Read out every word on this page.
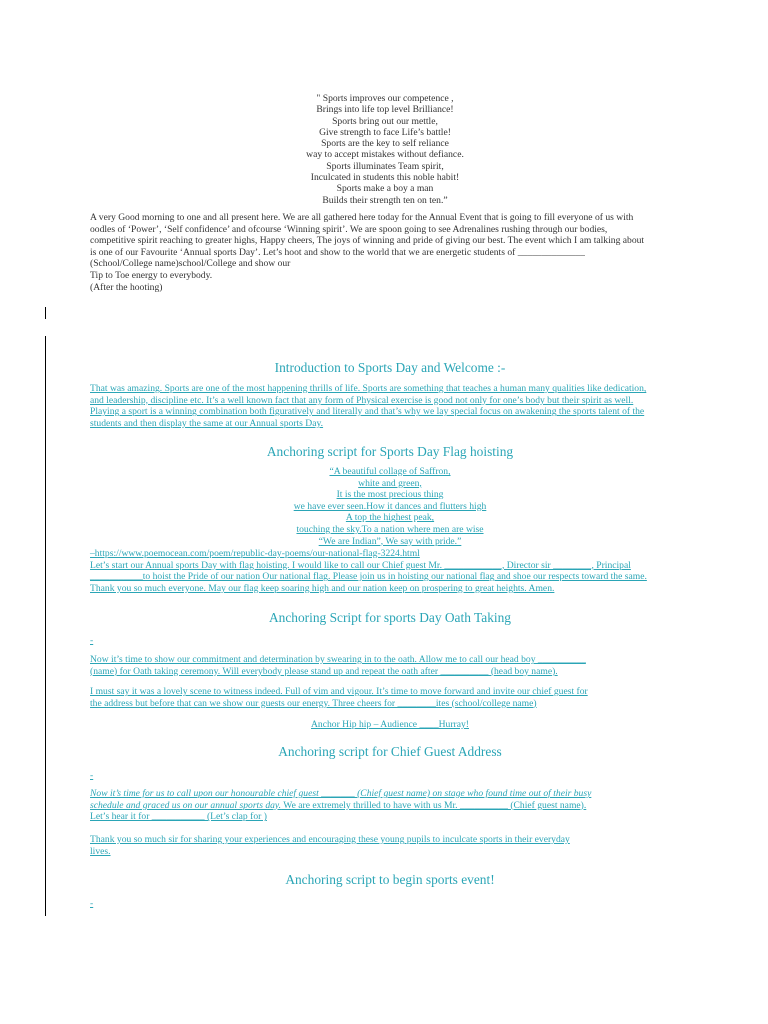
" Sports improves our competence ,
Brings into life top level Brilliance!
Sports bring out our mettle,
Give strength to face Life’s battle!
Sports are the key to self reliance
way to accept mistakes without defiance.
Sports illuminates Team spirit,
Inculcated in students this noble habit!
Sports make a boy a man
Builds their strength ten on ten.”
A very Good morning to one and all present here. We are all gathered here today for the Annual Event that is going to fill everyone of us with
oodles of ‘Power’, ‘Self confidence’ and ofcourse ‘Winning spirit’. We are spoon going to see Adrenalines rushing through our bodies,
competitive spirit reaching to greater highs, Happy cheers, The joys of winning and pride of giving our best. The event which I am talking about
is one of our Favourite ‘Annual sports Day’. Let’s hoot and show to the world that we are energetic students of ______________
(School/College name)school/College and show our
Tip to Toe energy to everybody.
(After the hooting)
Introduction to Sports Day and Welcome :-
That was amazing. Sports are one of the most happening thrills of life. Sports are something that teaches a human many qualities like dedication,
and leadership, discipline etc. It’s a well known fact that any form of Physical exercise is good not only for one’s body but their spirit as well.
Playing a sport is a winning combination both figuratively and literally and that’s why we lay special focus on awakening the sports talent of the
students and then display the same at our Annual sports Day.
Anchoring script for Sports Day Flag hoisting
“A beautiful collage of Saffron,
white and green,
It is the most precious thing
we have ever seen.How it dances and flutters high
A top the highest peak,
touching the sky.To a nation where men are wise
“We are Indian”, We say with pride.”
–https://www.poemocean.com/poem/republic-day-poems/our-national-flag-3224.html
Let’s start our Annual sports Day with flag hoisting. I would like to call our Chief guest Mr. ____________, Director sir ________, Principal
___________to hoist the Pride of our nation Our national flag. Please join us in hoisting our national flag and shoe our respects toward the same.
Thank you so much everyone. May our flag keep soaring high and our nation keep on prospering to great heights. Amen.
Anchoring Script for sports Day Oath Taking
-
Now it’s time to show our commitment and determination by swearing in to the oath. Allow me to call our head boy __________
(name) for Oath taking ceremony. Will everybody please stand up and repeat the oath after __________ (head boy name).
I must say it was a lovely scene to witness indeed. Full of vim and vigour. It’s time to move forward and invite our chief guest for
the address but before that can we show our guests our energy. Three cheers for ________ites (school/college name)
Anchor Hip hip – Audience ____Hurray!
Anchoring script for Chief Guest Address
-
Now it’s time for us to call upon our honourable chief guest _______ (Chief guest name) on stage who found time out of their busy
schedule and graced us on our annual sports day. We are extremely thrilled to have with us Mr. __________ (Chief guest name).
Let’s hear it for ___________ (Let’s clap for )
Thank you so much sir for sharing your experiences and encouraging these young pupils to inculcate sports in their everyday
lives.
Anchoring script to begin sports event!
-
